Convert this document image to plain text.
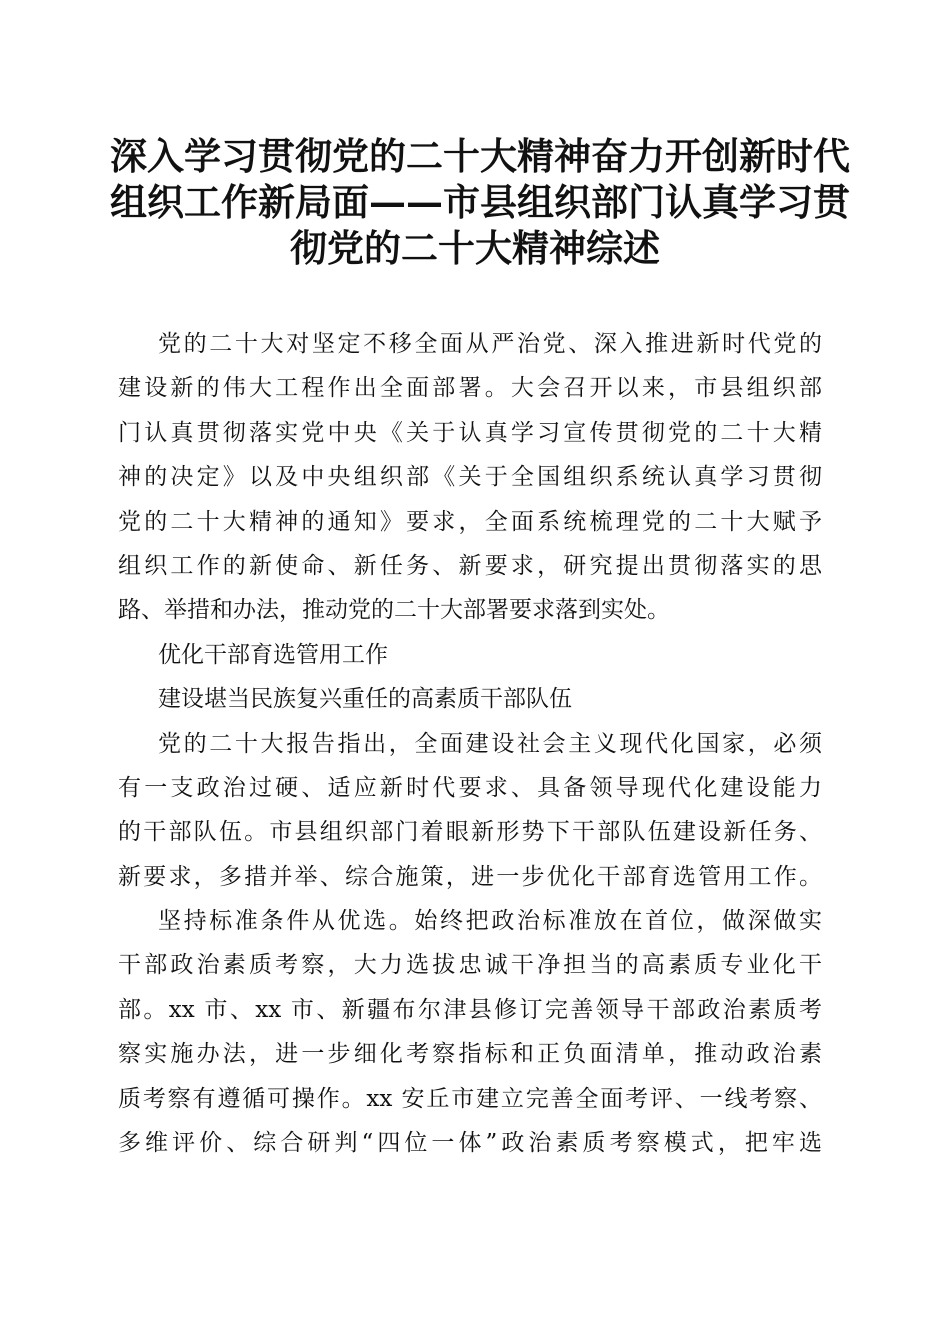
深入学习贯彻党的二十大精神奋力开创新时代
组织工作新局面——市县组织部门认真学习贯
彻党的二十大精神综述
党的二十大对坚定不移全面从严治党、深入推进新时代党的
建设新的伟大工程作出全面部署。大会召开以来，市县组织部
门认真贯彻落实党中央《关于认真学习宣传贯彻党的二十大精
神的决定》以及中央组织部《关于全国组织系统认真学习贯彻
党的二十大精神的通知》要求，全面系统梳理党的二十大赋予
组织工作的新使命、新任务、新要求，研究提出贯彻落实的思
路、举措和办法，推动党的二十大部署要求落到实处。
优化干部育选管用工作
建设堪当民族复兴重任的高素质干部队伍
党的二十大报告指出，全面建设社会主义现代化国家，必须
有一支政治过硬、适应新时代要求、具备领导现代化建设能力
的干部队伍。市县组织部门着眼新形势下干部队伍建设新任务、
新要求，多措并举、综合施策，进一步优化干部育选管用工作。
坚持标准条件从优选。始终把政治标准放在首位，做深做实
干部政治素质考察，大力选拔忠诚干净担当的高素质专业化干
部。xx 市、xx 市、新疆布尔津县修订完善领导干部政治素质考
察实施办法，进一步细化考察指标和正负面清单，推动政治素
质考察有遵循可操作。xx 安丘市建立完善全面考评、一线考察、
多维评价、综合研判“四位一体”政治素质考察模式，把牢选
